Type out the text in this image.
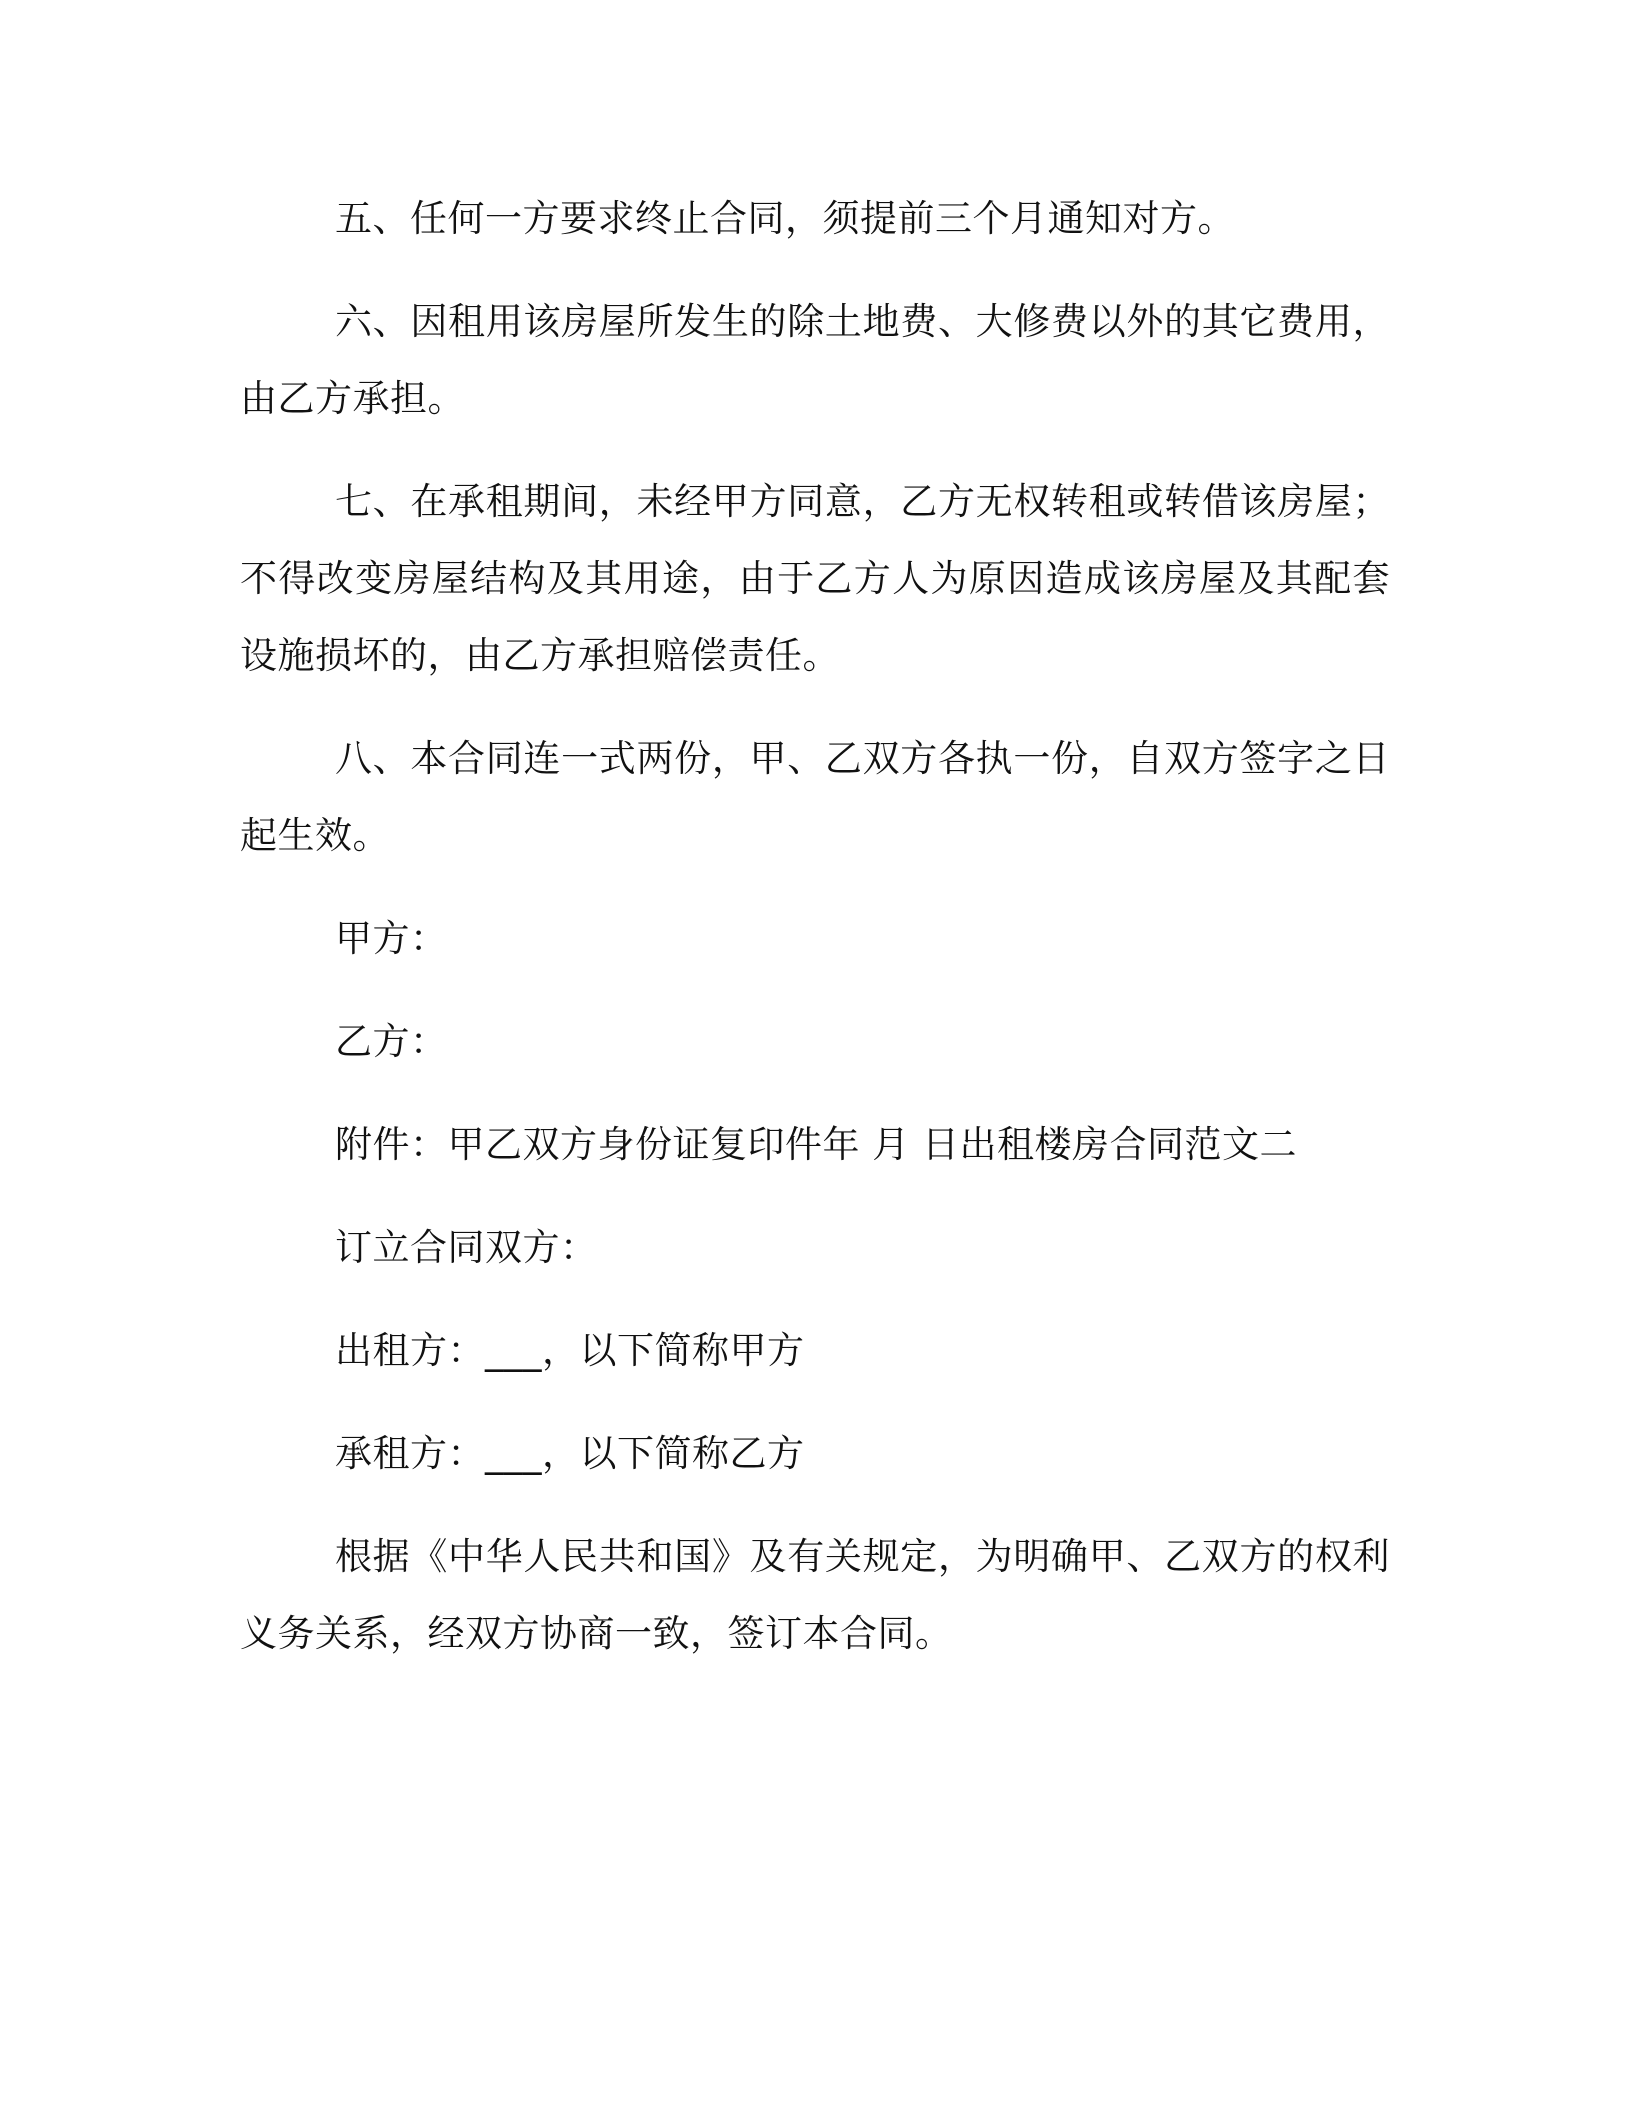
五、任何一方要求终止合同，须提前三个月通知对方。

六、因租用该房屋所发生的除土地费、大修费以外的其它费用，由乙方承担。

七、在承租期间，未经甲方同意，乙方无权转租或转借该房屋；不得改变房屋结构及其用途，由于乙方人为原因造成该房屋及其配套设施损坏的，由乙方承担赔偿责任。

八、本合同连一式两份，甲、乙双方各执一份，自双方签字之日起生效。

甲方：

乙方：

附件：甲乙双方身份证复印件年 月 日出租楼房合同范文二

订立合同双方：

出租方：___，以下简称甲方

承租方：___，以下简称乙方

根据《中华人民共和国》及有关规定，为明确甲、乙双方的权利义务关系，经双方协商一致，签订本合同。
